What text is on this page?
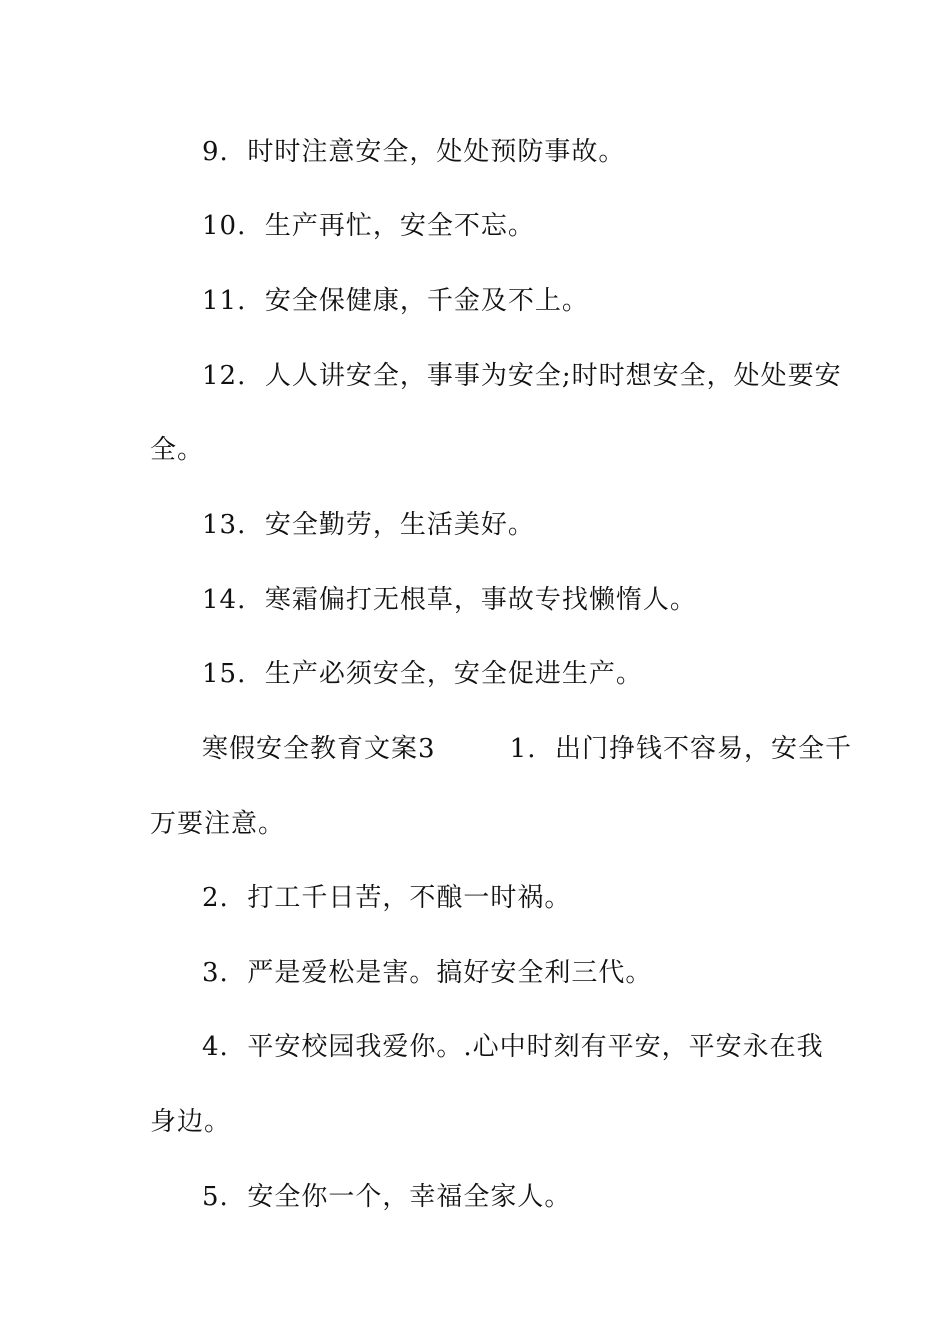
9.  时时注意安全，处处预防事故。
10.  生产再忙，安全不忘。
11.  安全保健康，千金及不上。
12.  人人讲安全，事事为安全;时时想安全，处处要安
全。
13.  安全勤劳，生活美好。
14.  寒霜偏打无根草，事故专找懒惰人。
15.  生产必须安全，安全促进生产。
寒假安全教育文案3        1.  出门挣钱不容易，安全千
万要注意。
2.  打工千日苦，不酿一时祸。
3.  严是爱松是害。搞好安全利三代。
4.  平安校园我爱你。.心中时刻有平安，平安永在我
身边。
5.  安全你一个，幸福全家人。
